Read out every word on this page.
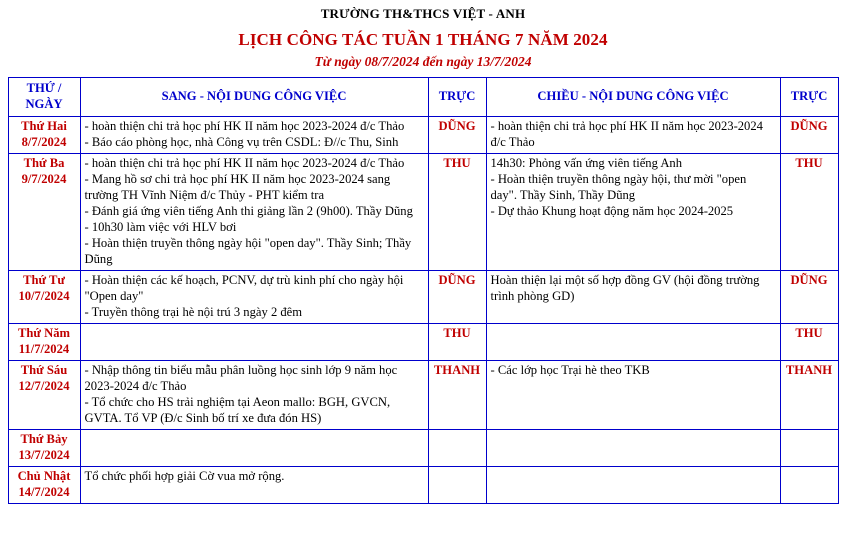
TRƯỜNG TH&THCS VIỆT - ANH
LỊCH CÔNG TÁC TUẦN 1 THÁNG 7 NĂM 2024
Từ ngày 08/7/2024 đến ngày 13/7/2024
THỨ / NGÀY	SANG - NỘI DUNG CÔNG VIỆC	TRỰC	CHIỀU - NỘI DUNG CÔNG VIỆC	TRỰC
Thứ Hai
8/7/2024	- hoàn thiện chi trả học phí HK II năm học 2023-2024 đ/c Thảo
- Báo cáo phòng học, nhà Công vụ trên CSDL: Đ//c Thu, Sinh	DŨNG	- hoàn thiện chi trả học phí HK II năm học 2023-2024 đ/c Thảo	DŨNG
Thứ Ba
9/7/2024	
- hoàn thiện chi trả học phí HK II năm học 2023-2024 đ/c Thảo
- Mang hồ sơ chi trả học phí HK II năm học 2023-2024 sang trường TH Vĩnh Niệm đ/c Thủy - PHT kiểm tra
- Đánh giá ứng viên tiếng Anh thi giảng lần 2 (9h00). Thầy Dũng
- 10h30 làm việc với HLV bơi
- Hoàn thiện truyền thông ngày hội "open day". Thầy Sinh; Thầy Dũng
	THU	14h30: Phỏng vấn ứng viên tiếng Anh
- Hoàn thiện truyền thông ngày hội, thư mời "open day". Thầy Sinh, Thầy Dũng
- Dự thảo Khung hoạt động năm học 2024-2025
	THU
Thứ Tư
10/7/2024	- Hoàn thiện các kế hoạch, PCNV, dự trù kinh phí cho ngày hội "Open day"
- Truyền thông trại hè nội trú 3 ngày 2 đêm	DŨNG	Hoàn thiện lại một số hợp đồng GV (hội đồng trường trình phòng GD)	DŨNG
Thứ Năm
11/7/2024		THU		THU
Thứ Sáu
12/7/2024	- Nhập thông tin biểu mẫu phân luồng học sinh lớp 9 năm học 2023-2024 đ/c Thảo
- Tổ chức cho HS trải nghiệm tại Aeon mallo: BGH, GVCN, GVTA. Tổ VP (Đ/c Sinh bố trí xe đưa đón HS)	THANH	- Các lớp học Trại hè theo TKB	THANH
Thứ Bảy
13/7/2024				
Chủ Nhật
14/7/2024	Tổ chức phối hợp giải Cờ vua mở rộng.			
